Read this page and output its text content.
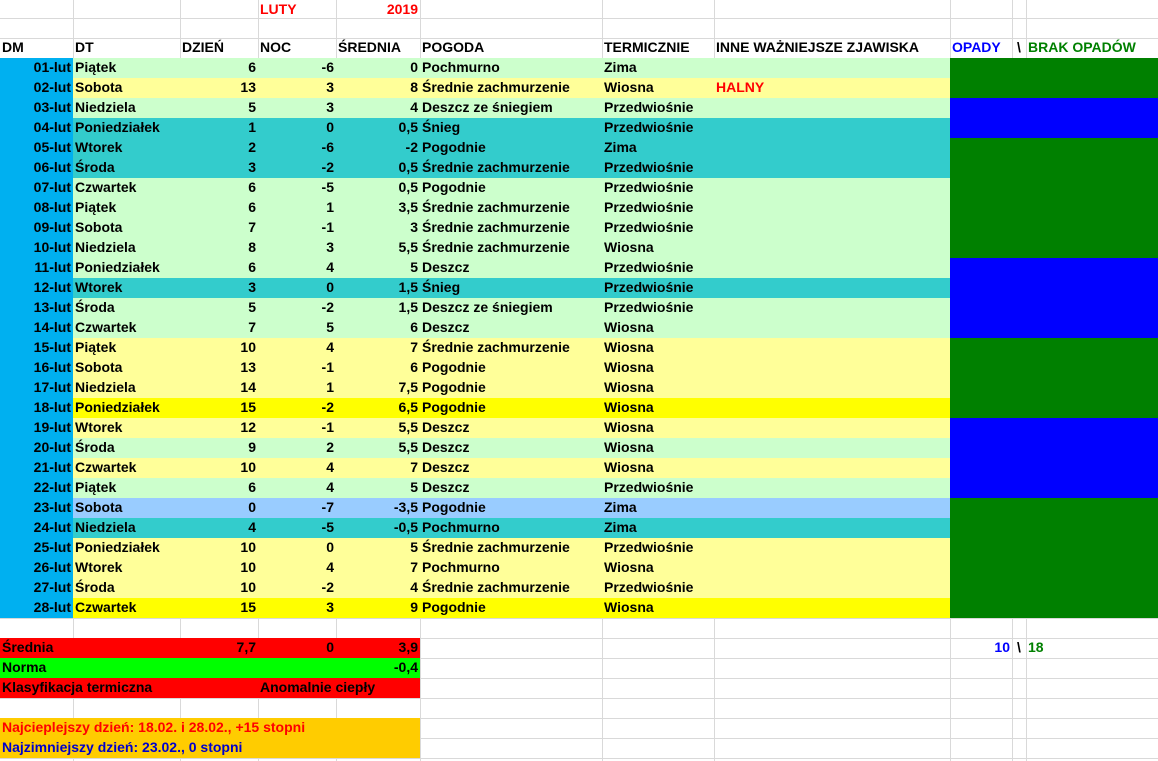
LUTY	2019
DM	DT	DZIEŃ	NOC	ŚREDNIA	POGODA	TERMICZNIE	INNE WAŻNIEJSZE ZJAWISKA	OPADY	\ BRAK OPADÓW
01-lut Piątek	6	-6	0 Pochmurno	Zima
02-lut Sobota	13	3	8 Średnie zachmurzenie	Wiosna	HALNY
03-lut Niedziela	5	3	4 Deszcz ze śniegiem	Przedwiośnie
04-lut Poniedziałek	1	0	0,5 Śnieg	Przedwiośnie
05-lut Wtorek	2	-6	-2 Pogodnie	Zima
06-lut Środa	3	-2	0,5 Średnie zachmurzenie	Przedwiośnie
07-lut Czwartek	6	-5	0,5 Pogodnie	Przedwiośnie
08-lut Piątek	6	1	3,5 Średnie zachmurzenie	Przedwiośnie
09-lut Sobota	7	-1	3 Średnie zachmurzenie	Przedwiośnie
10-lut Niedziela	8	3	5,5 Średnie zachmurzenie	Wiosna
11-lut Poniedziałek	6	4	5 Deszcz	Przedwiośnie
12-lut Wtorek	3	0	1,5 Śnieg	Przedwiośnie
13-lut Środa	5	-2	1,5 Deszcz ze śniegiem	Przedwiośnie
14-lut Czwartek	7	5	6 Deszcz	Wiosna
15-lut Piątek	10	4	7 Średnie zachmurzenie	Wiosna
16-lut Sobota	13	-1	6 Pogodnie	Wiosna
17-lut Niedziela	14	1	7,5 Pogodnie	Wiosna
18-lut Poniedziałek	15	-2	6,5 Pogodnie	Wiosna
19-lut Wtorek	12	-1	5,5 Deszcz	Wiosna
20-lut Środa	9	2	5,5 Deszcz	Wiosna
21-lut Czwartek	10	4	7 Deszcz	Wiosna
22-lut Piątek	6	4	5 Deszcz	Przedwiośnie
23-lut Sobota	0	-7	-3,5 Pogodnie	Zima
24-lut Niedziela	4	-5	-0,5 Pochmurno	Zima
25-lut Poniedziałek	10	0	5 Średnie zachmurzenie	Przedwiośnie
26-lut Wtorek	10	4	7 Pochmurno	Wiosna
27-lut Środa	10	-2	4 Średnie zachmurzenie	Przedwiośnie
28-lut Czwartek	15	3	9 Pogodnie	Wiosna
Średnia	7,7	0	3,9
Norma	-0,4
Klasyfikacja termiczna	Anomalnie ciepły
10 \ 18
Najcieplejszy dzień: 18.02. i 28.02., +15 stopni
Najzimniejszy dzień: 23.02., 0 stopni
